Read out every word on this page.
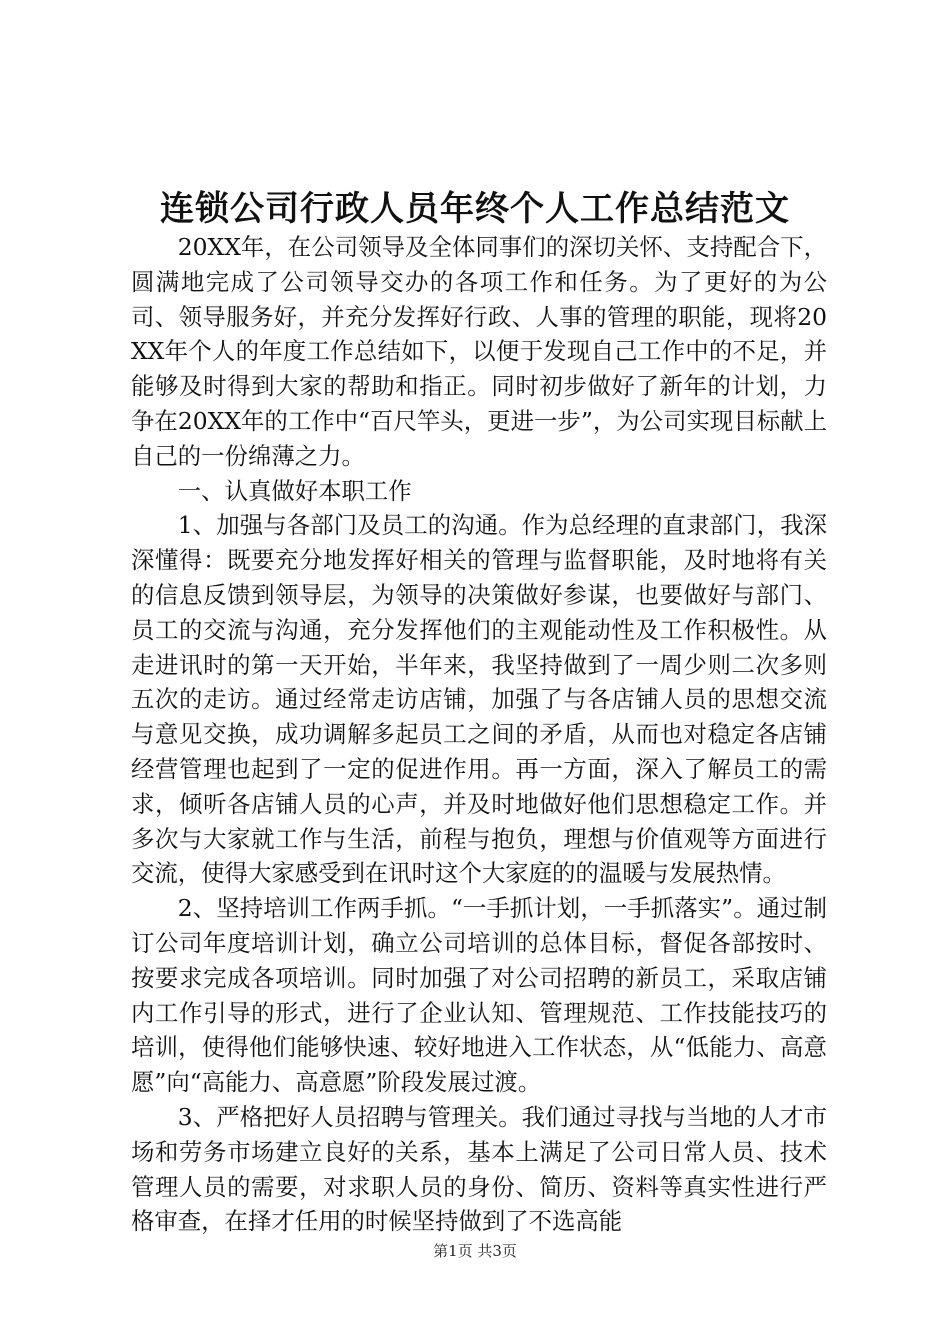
连锁公司行政人员年终个人工作总结范文

20XX年，在公司领导及全体同事们的深切关怀、支持配合下，圆满地完成了公司领导交办的各项工作和任务。为了更好的为公司、领导服务好，并充分发挥好行政、人事的管理的职能，现将20XX年个人的年度工作总结如下，以便于发现自己工作中的不足，并能够及时得到大家的帮助和指正。同时初步做好了新年的计划，力争在20XX年的工作中“百尺竿头，更进一步”，为公司实现目标献上自己的一份绵薄之力。

一、认真做好本职工作

1、加强与各部门及员工的沟通。作为总经理的直隶部门，我深深懂得：既要充分地发挥好相关的管理与监督职能，及时地将有关的信息反馈到领导层，为领导的决策做好参谋，也要做好与部门、员工的交流与沟通，充分发挥他们的主观能动性及工作积极性。从走进讯时的第一天开始，半年来，我坚持做到了一周少则二次多则五次的走访。通过经常走访店铺，加强了与各店铺人员的思想交流与意见交换，成功调解多起员工之间的矛盾，从而也对稳定各店铺经营管理也起到了一定的促进作用。再一方面，深入了解员工的需求，倾听各店铺人员的心声，并及时地做好他们思想稳定工作。并多次与大家就工作与生活，前程与抱负，理想与价值观等方面进行交流，使得大家感受到在讯时这个大家庭的的温暖与发展热情。

2、坚持培训工作两手抓。“一手抓计划，一手抓落实”。通过制订公司年度培训计划，确立公司培训的总体目标，督促各部按时、按要求完成各项培训。同时加强了对公司招聘的新员工，采取店铺内工作引导的形式，进行了企业认知、管理规范、工作技能技巧的培训，使得他们能够快速、较好地进入工作状态，从“低能力、高意愿”向“高能力、高意愿”阶段发展过渡。

3、严格把好人员招聘与管理关。我们通过寻找与当地的人才市场和劳务市场建立良好的关系，基本上满足了公司日常人员、技术管理人员的需要，对求职人员的身份、简历、资料等真实性进行严格审查，在择才任用的时候坚持做到了不选高能

第1页 共3页
